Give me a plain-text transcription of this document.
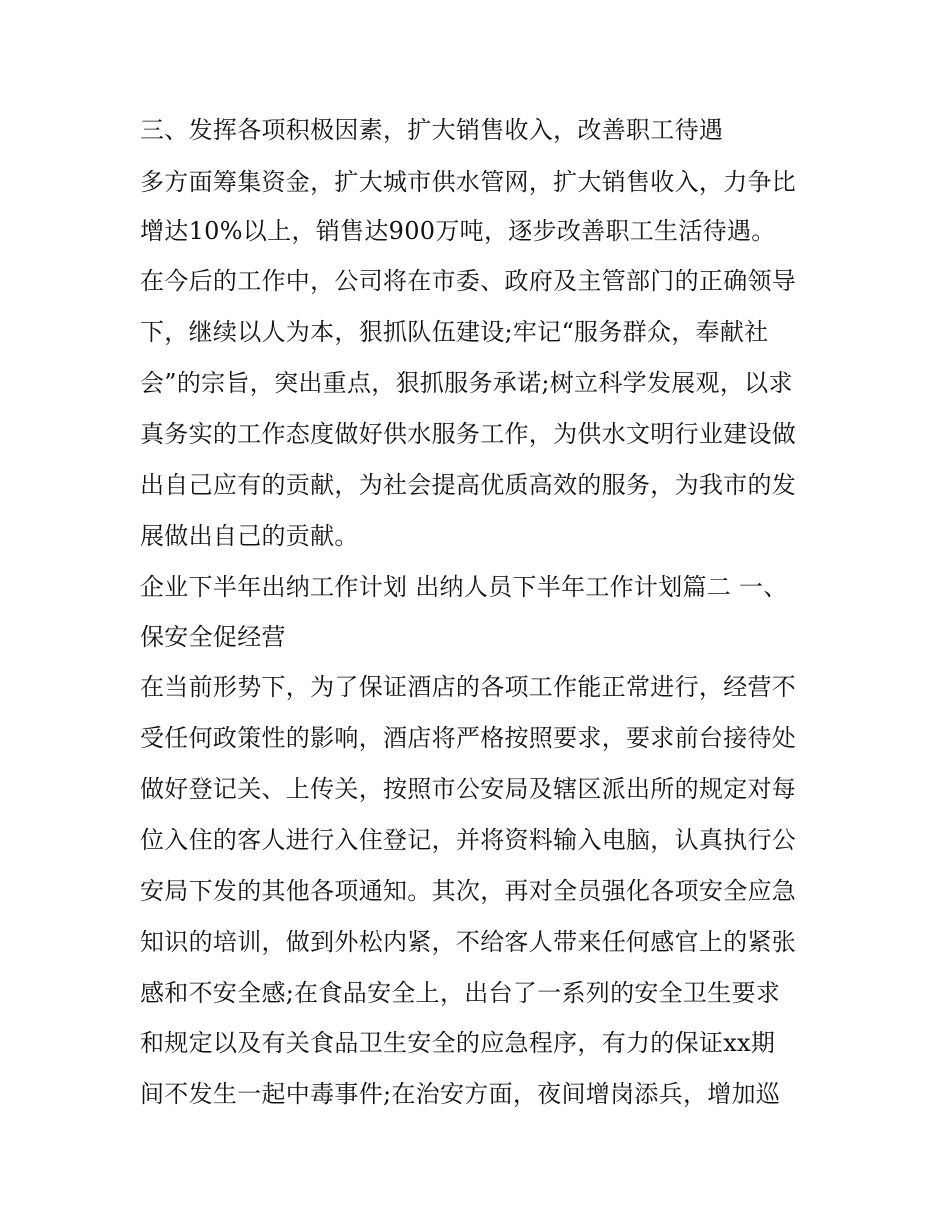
三、发挥各项积极因素，扩大销售收入，改善职工待遇
多方面筹集资金，扩大城市供水管网，扩大销售收入，力争比
增达10%以上，销售达900万吨，逐步改善职工生活待遇。
在今后的工作中，公司将在市委、政府及主管部门的正确领导
下，继续以人为本，狠抓队伍建设;牢记“服务群众，奉献社
会”的宗旨，突出重点，狠抓服务承诺;树立科学发展观，以求
真务实的工作态度做好供水服务工作，为供水文明行业建设做
出自己应有的贡献，为社会提高优质高效的服务，为我市的发
展做出自己的贡献。
企业下半年出纳工作计划 出纳人员下半年工作计划篇二 一、
保安全促经营
在当前形势下，为了保证酒店的各项工作能正常进行，经营不
受任何政策性的影响，酒店将严格按照要求，要求前台接待处
做好登记关、上传关，按照市公安局及辖区派出所的规定对每
位入住的客人进行入住登记，并将资料输入电脑，认真执行公
安局下发的其他各项通知。其次，再对全员强化各项安全应急
知识的培训，做到外松内紧，不给客人带来任何感官上的紧张
感和不安全感;在食品安全上，出台了一系列的安全卫生要求
和规定以及有关食品卫生安全的应急程序，有力的保证xx期
间不发生一起中毒事件;在治安方面，夜间增岗添兵，增加巡
